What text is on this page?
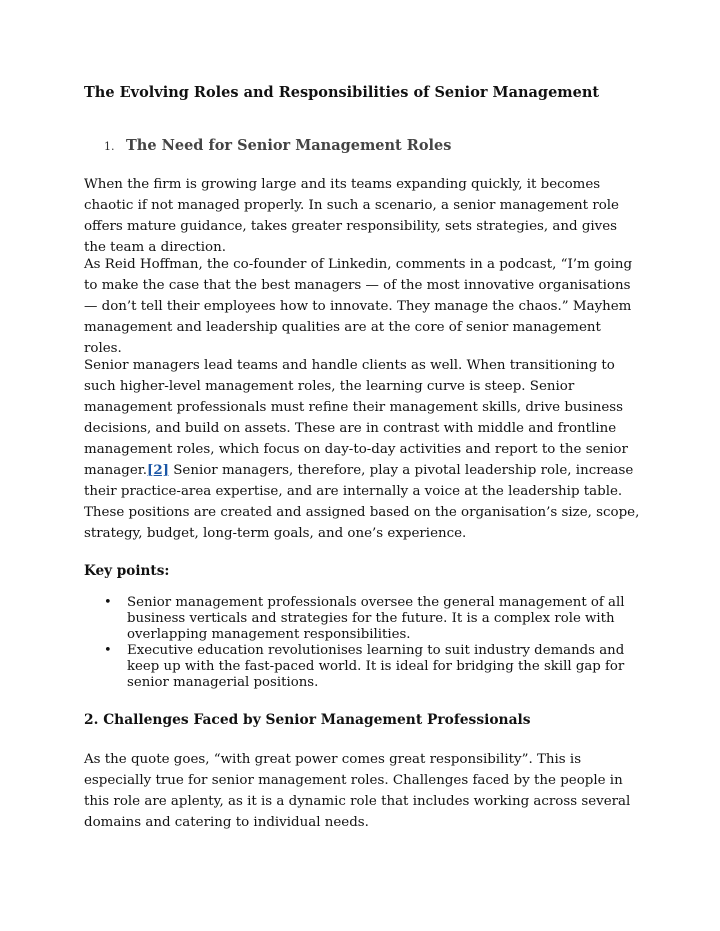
The Evolving Roles and Responsibilities of Senior Management
1. The Need for Senior Management Roles

When the firm is growing large and its teams expanding quickly, it becomes chaotic if not managed properly. In such a scenario, a senior management role offers mature guidance, takes greater responsibility, sets strategies, and gives the team a direction.

As Reid Hoffman, the co-founder of Linkedin, comments in a podcast, “I’m going to make the case that the best managers — of the most innovative organisations — don’t tell their employees how to innovate. They manage the chaos.” Mayhem management and leadership qualities are at the core of senior management roles.

Senior managers lead teams and handle clients as well. When transitioning to such higher-level management roles, the learning curve is steep. Senior management professionals must refine their management skills, drive business decisions, and build on assets. These are in contrast with middle and frontline management roles, which focus on day-to-day activities and report to the senior manager.[2] Senior managers, therefore, play a pivotal leadership role, increase their practice-area expertise, and are internally a voice at the leadership table. These positions are created and assigned based on the organisation’s size, scope, strategy, budget, long-term goals, and one’s experience.

Key points:
• Senior management professionals oversee the general management of all business verticals and strategies for the future. It is a complex role with overlapping management responsibilities.
• Executive education revolutionises learning to suit industry demands and keep up with the fast-paced world. It is ideal for bridging the skill gap for senior managerial positions.
2. Challenges Faced by Senior Management Professionals

As the quote goes, “with great power comes great responsibility”. This is especially true for senior management roles. Challenges faced by the people in this role are aplenty, as it is a dynamic role that includes working across several domains and catering to individual needs.
